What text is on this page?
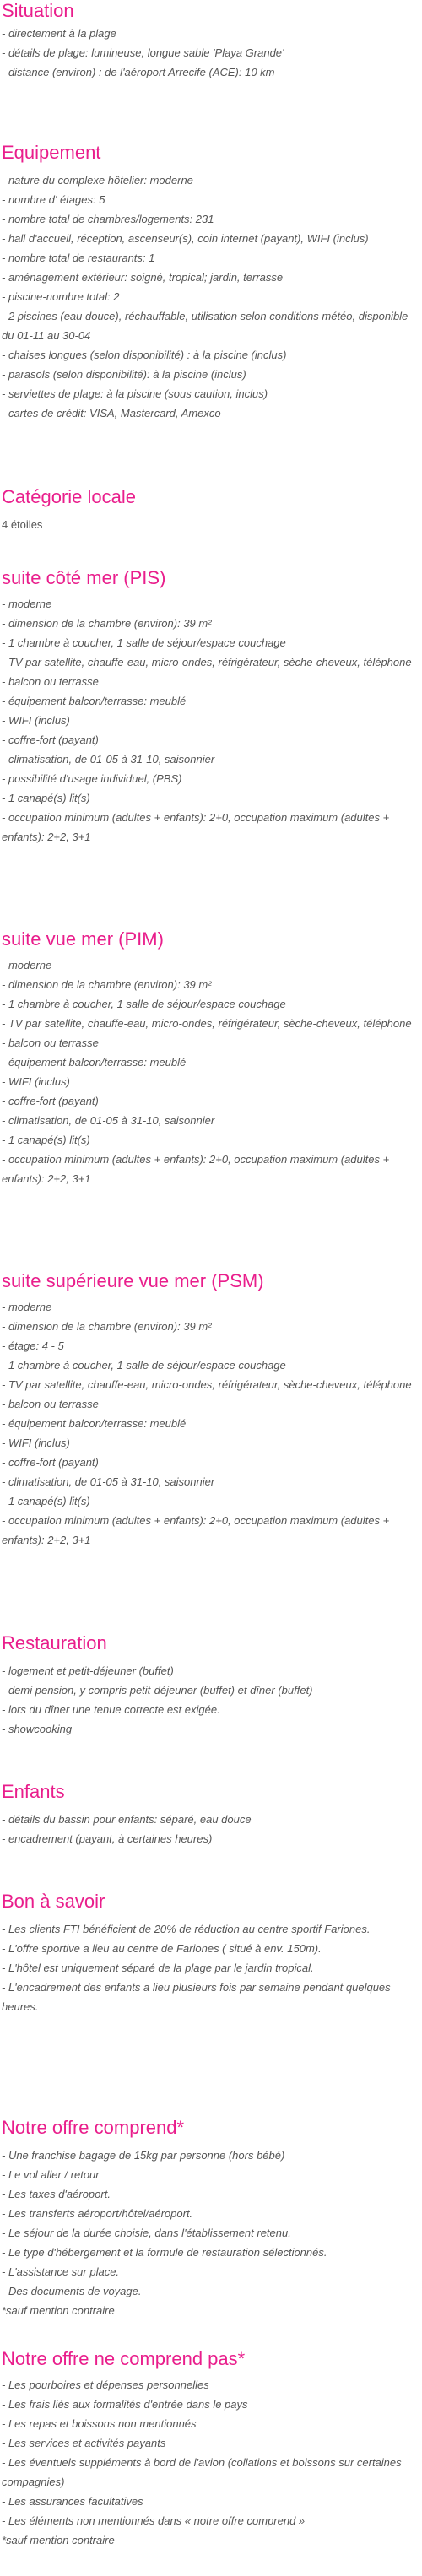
Situation
- directement à la plage
- détails de plage: lumineuse, longue sable 'Playa Grande'
- distance (environ) : de l'aéroport Arrecife (ACE): 10 km
Equipement
- nature du complexe hôtelier: moderne
- nombre d' étages: 5
- nombre total de chambres/logements: 231
- hall d'accueil, réception, ascenseur(s), coin internet (payant), WIFI (inclus)
- nombre total de restaurants: 1
- aménagement extérieur: soigné, tropical; jardin, terrasse
- piscine-nombre total: 2
- 2 piscines (eau douce), réchauffable, utilisation selon conditions météo, disponible du 01-11 au 30-04
- chaises longues (selon disponibilité) : à la piscine (inclus)
- parasols (selon disponibilité): à la piscine (inclus)
- serviettes de plage: à la piscine (sous caution, inclus)
- cartes de crédit: VISA, Mastercard, Amexco
Catégorie locale
4 étoiles
suite côté mer (PIS)
- moderne
- dimension de la chambre (environ): 39 m²
- 1 chambre à coucher, 1 salle de séjour/espace couchage
- TV par satellite, chauffe-eau, micro-ondes, réfrigérateur, sèche-cheveux, téléphone
- balcon ou terrasse
- équipement balcon/terrasse: meublé
- WIFI (inclus)
- coffre-fort (payant)
- climatisation, de 01-05 à 31-10, saisonnier
- possibilité d'usage individuel, (PBS)
- 1 canapé(s) lit(s)
- occupation minimum (adultes + enfants): 2+0, occupation maximum (adultes + enfants): 2+2, 3+1
suite vue mer (PIM)
- moderne
- dimension de la chambre (environ): 39 m²
- 1 chambre à coucher, 1 salle de séjour/espace couchage
- TV par satellite, chauffe-eau, micro-ondes, réfrigérateur, sèche-cheveux, téléphone
- balcon ou terrasse
- équipement balcon/terrasse: meublé
- WIFI (inclus)
- coffre-fort (payant)
- climatisation, de 01-05 à 31-10, saisonnier
- 1 canapé(s) lit(s)
- occupation minimum (adultes + enfants): 2+0, occupation maximum (adultes + enfants): 2+2, 3+1
suite supérieure vue mer (PSM)
- moderne
- dimension de la chambre (environ): 39 m²
- étage: 4 - 5
- 1 chambre à coucher, 1 salle de séjour/espace couchage
- TV par satellite, chauffe-eau, micro-ondes, réfrigérateur, sèche-cheveux, téléphone
- balcon ou terrasse
- équipement balcon/terrasse: meublé
- WIFI (inclus)
- coffre-fort (payant)
- climatisation, de 01-05 à 31-10, saisonnier
- 1 canapé(s) lit(s)
- occupation minimum (adultes + enfants): 2+0, occupation maximum (adultes + enfants): 2+2, 3+1
Restauration
- logement et petit-déjeuner (buffet)
- demi pension, y compris petit-déjeuner (buffet) et dîner (buffet)
- lors du dîner une tenue correcte est exigée.
- showcooking
Enfants
- détails du bassin pour enfants: séparé, eau douce
- encadrement (payant, à certaines heures)
Bon à savoir
- Les clients FTI bénéficient de 20% de réduction au centre sportif Fariones.
- L'offre sportive a lieu au centre de Fariones ( situé à env. 150m).
- L'hôtel est uniquement séparé de la plage par le jardin tropical.
- L'encadrement des enfants a lieu plusieurs fois par semaine pendant quelques heures.
-
Notre offre comprend*
- Une franchise bagage de 15kg par personne (hors bébé)
- Le vol aller / retour
- Les taxes d'aéroport.
- Les transferts aéroport/hôtel/aéroport.
- Le séjour de la durée choisie, dans l'établissement retenu.
- Le type d'hébergement et la formule de restauration sélectionnés.
- L'assistance sur place.
- Des documents de voyage.
*sauf mention contraire
Notre offre ne comprend pas*
- Les pourboires et dépenses personnelles
- Les frais liés aux formalités d'entrée dans le pays
- Les repas et boissons non mentionnés
- Les services et activités payants
- Les éventuels suppléments à bord de l'avion (collations et boissons sur certaines compagnies)
- Les assurances facultatives
- Les éléments non mentionnés dans « notre offre comprend »
*sauf mention contraire
